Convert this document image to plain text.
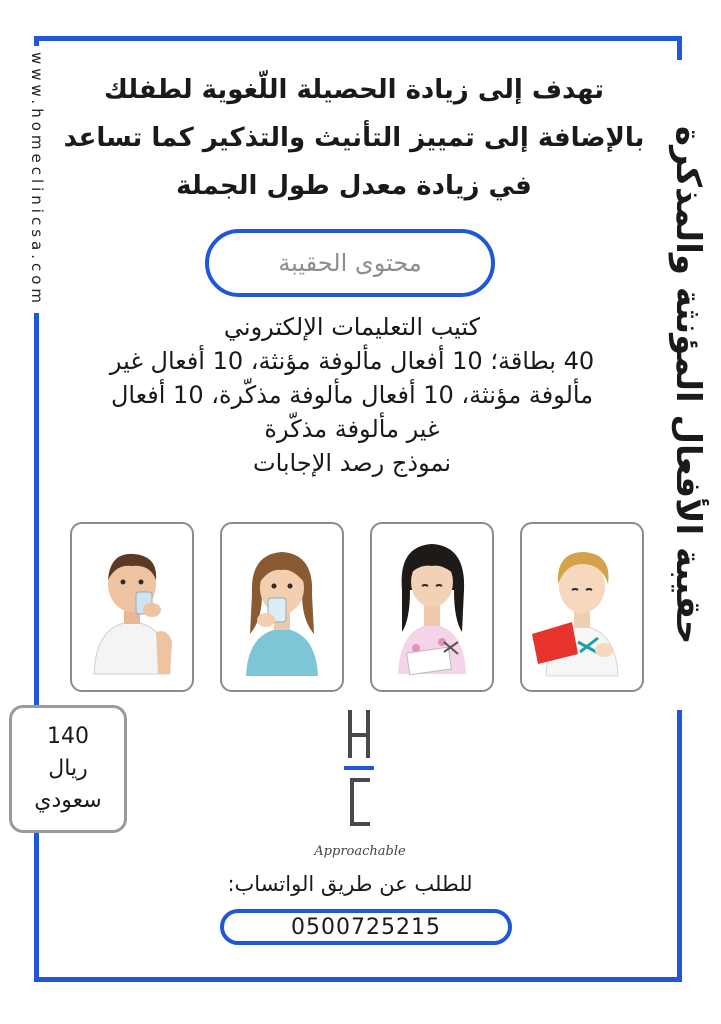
www.homeclinicsa.com	حقيبة الأفعال المؤنثة والمذكرة
تهدف إلى زيادة الحصيلة اللّغوية لطفلك
بالإضافة إلى تمييز التأنيث والتذكير كما تساعد
في زيادة معدل طول الجملة
محتوى الحقيبة
كتيب التعليمات الإلكتروني
40 بطاقة؛ 10 أفعال مألوفة مؤنثة، 10 أفعال غير
مألوفة مؤنثة، 10 أفعال مألوفة مذكّرة، 10 أفعال
غير مألوفة مذكّرة
نموذج رصد الإجابات
140
ريال
سعودي
Approachable
للطلب عن طريق الواتساب:
0500725215
